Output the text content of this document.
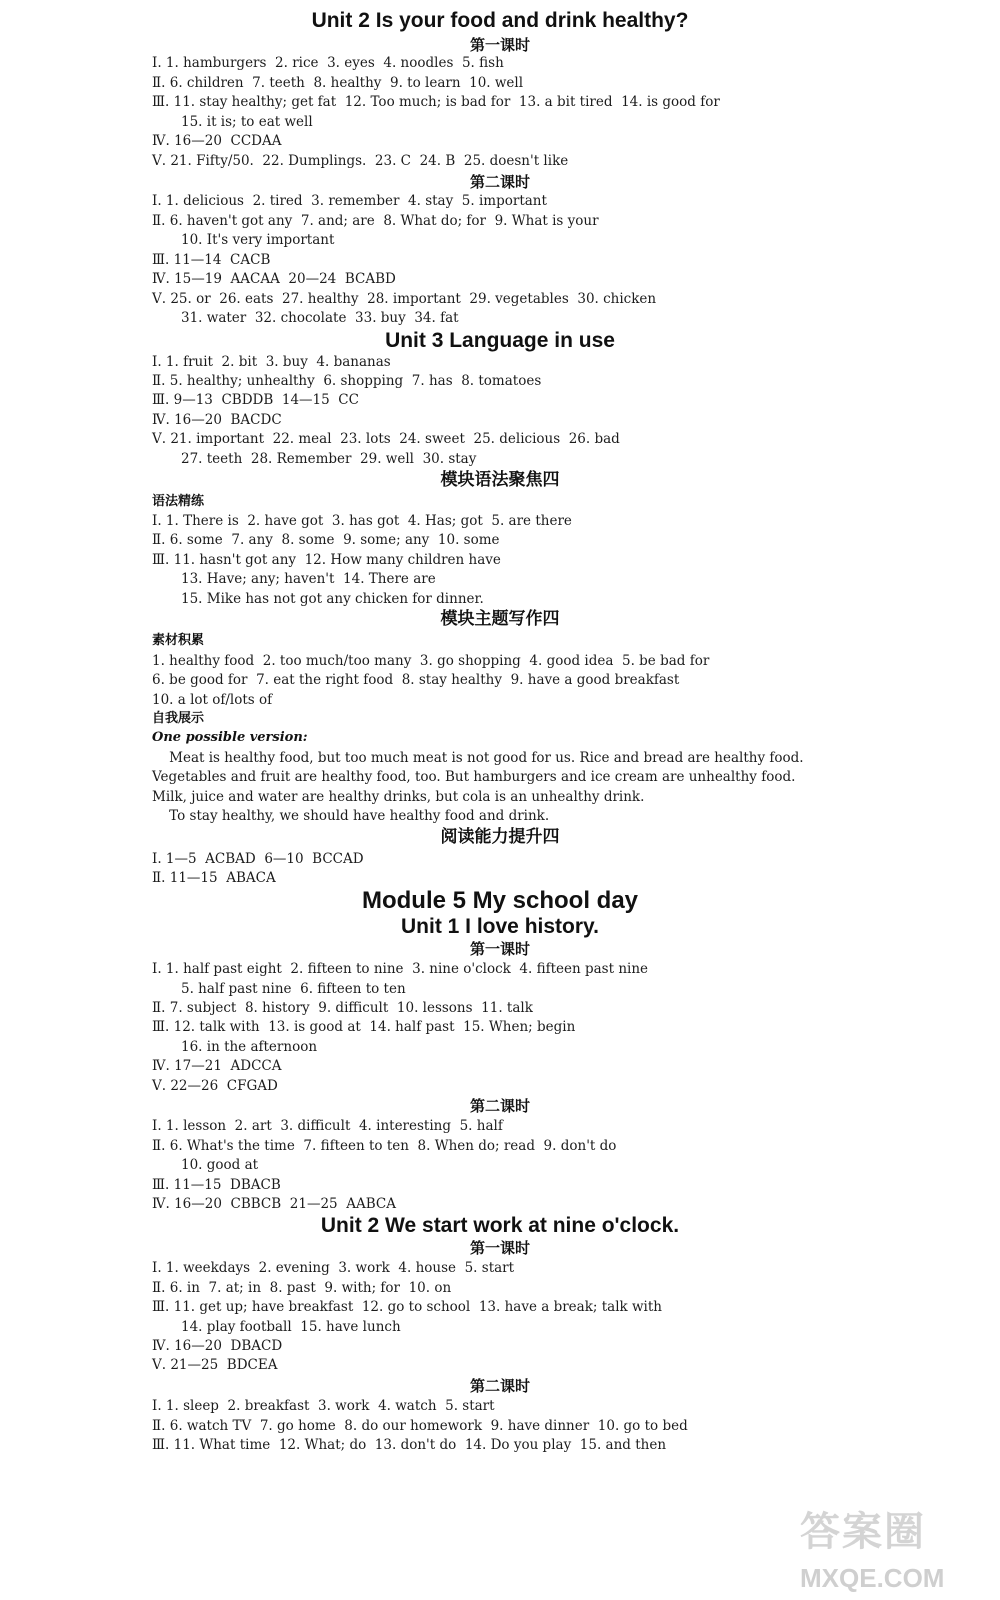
Unit 2 Is your food and drink healthy?
第一课时
Ⅰ. 1. hamburgers  2. rice  3. eyes  4. noodles  5. fish
Ⅱ. 6. children  7. teeth  8. healthy  9. to learn  10. well
Ⅲ. 11. stay healthy; get fat  12. Too much; is bad for  13. a bit tired  14. is good for
15. it is; to eat well
Ⅳ. 16—20  CCDAA
Ⅴ. 21. Fifty/50.  22. Dumplings.  23. C  24. B  25. doesn't like
第二课时
Ⅰ. 1. delicious  2. tired  3. remember  4. stay  5. important
Ⅱ. 6. haven't got any  7. and; are  8. What do; for  9. What is your
10. It's very important
Ⅲ. 11—14  CACB
Ⅳ. 15—19  AACAA  20—24  BCABD
Ⅴ. 25. or  26. eats  27. healthy  28. important  29. vegetables  30. chicken
31. water  32. chocolate  33. buy  34. fat
Unit 3 Language in use
Ⅰ. 1. fruit  2. bit  3. buy  4. bananas
Ⅱ. 5. healthy; unhealthy  6. shopping  7. has  8. tomatoes
Ⅲ. 9—13  CBDDB  14—15  CC
Ⅳ. 16—20  BACDC
Ⅴ. 21. important  22. meal  23. lots  24. sweet  25. delicious  26. bad
27. teeth  28. Remember  29. well  30. stay
模块语法聚焦四
语法精练
Ⅰ. 1. There is  2. have got  3. has got  4. Has; got  5. are there
Ⅱ. 6. some  7. any  8. some  9. some; any  10. some
Ⅲ. 11. hasn't got any  12. How many children have
13. Have; any; haven't  14. There are
15. Mike has not got any chicken for dinner.
模块主题写作四
素材积累
1. healthy food  2. too much/too many  3. go shopping  4. good idea  5. be bad for
6. be good for  7. eat the right food  8. stay healthy  9. have a good breakfast
10. a lot of/lots of
自我展示
One possible version:
Meat is healthy food, but too much meat is not good for us. Rice and bread are healthy food.
Vegetables and fruit are healthy food, too. But hamburgers and ice cream are unhealthy food.
Milk, juice and water are healthy drinks, but cola is an unhealthy drink.
To stay healthy, we should have healthy food and drink.
阅读能力提升四
Ⅰ. 1—5  ACBAD  6—10  BCCAD
Ⅱ. 11—15  ABACA
Module 5 My school day
Unit 1 I love history.
第一课时
Ⅰ. 1. half past eight  2. fifteen to nine  3. nine o'clock  4. fifteen past nine
5. half past nine  6. fifteen to ten
Ⅱ. 7. subject  8. history  9. difficult  10. lessons  11. talk
Ⅲ. 12. talk with  13. is good at  14. half past  15. When; begin
16. in the afternoon
Ⅳ. 17—21  ADCCA
Ⅴ. 22—26  CFGAD
第二课时
Ⅰ. 1. lesson  2. art  3. difficult  4. interesting  5. half
Ⅱ. 6. What's the time  7. fifteen to ten  8. When do; read  9. don't do
10. good at
Ⅲ. 11—15  DBACB
Ⅳ. 16—20  CBBCB  21—25  AABCA
Unit 2 We start work at nine o'clock.
第一课时
Ⅰ. 1. weekdays  2. evening  3. work  4. house  5. start
Ⅱ. 6. in  7. at; in  8. past  9. with; for  10. on
Ⅲ. 11. get up; have breakfast  12. go to school  13. have a break; talk with
14. play football  15. have lunch
Ⅳ. 16—20  DBACD
Ⅴ. 21—25  BDCEA
第二课时
Ⅰ. 1. sleep  2. breakfast  3. work  4. watch  5. start
Ⅱ. 6. watch TV  7. go home  8. do our homework  9. have dinner  10. go to bed
Ⅲ. 11. What time  12. What; do  13. don't do  14. Do you play  15. and then
答案圈
MXQE.COM
